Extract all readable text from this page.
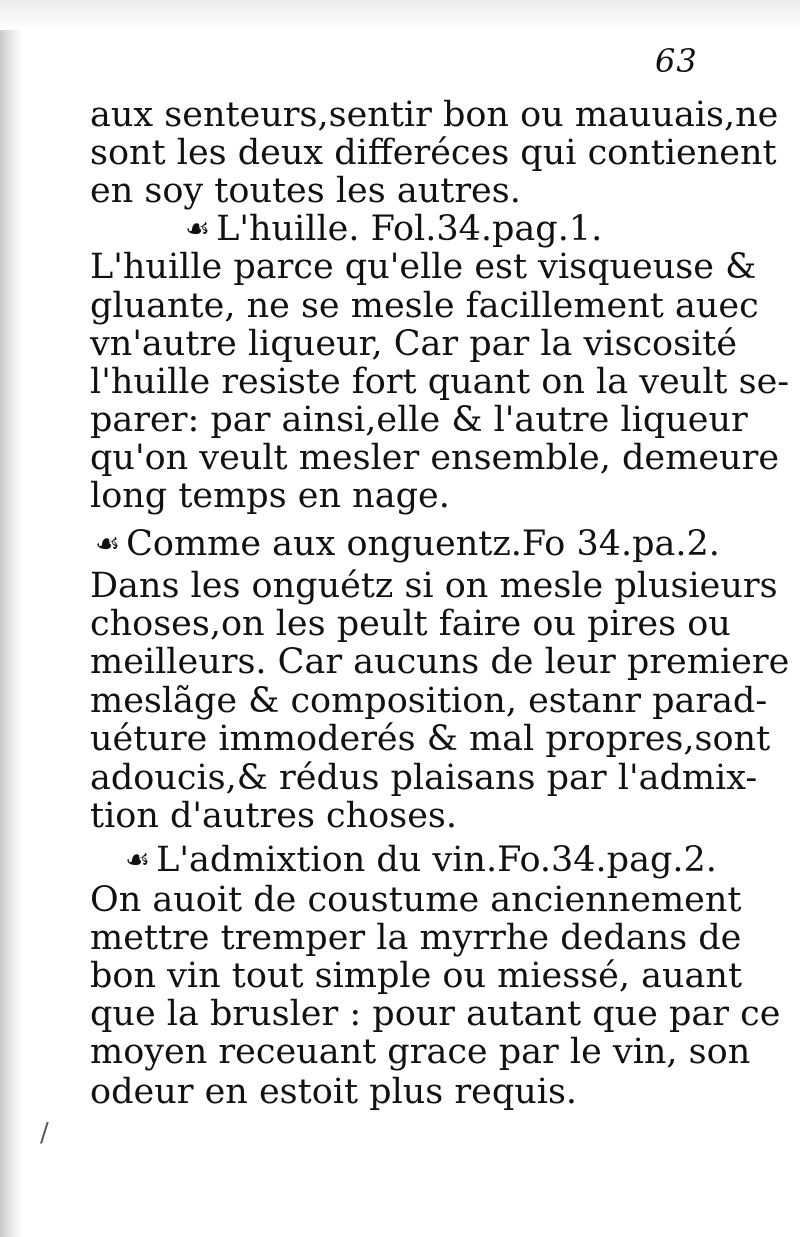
63
aux senteurs,sentir bon ou mauuais,ne
sont les deux differéces qui contienent
en soy toutes les autres.
☙ L'huille. Fol.34.pag.1.
L'huille parce qu'elle est visqueuse &
gluante, ne se mesle facillement auec
vn'autre liqueur, Car par la viscosité
l'huille resiste fort quant on la veult se-
parer: par ainsi,elle & l'autre liqueur
qu'on veult mesler ensemble, demeure
long temps en nage.
☙ Comme aux onguentz.Fo 34.pa.2.
Dans les onguétz si on mesle plusieurs
choses,on les peult faire ou pires ou
meilleurs. Car aucuns de leur premiere
meslãge & composition, estanr parad-
uéture immoderés & mal propres,sont
adoucis,& rédus plaisans par l'admix-
tion d'autres choses.
☙ L'admixtion du vin.Fo.34.pag.2.
On auoit de coustume anciennement
mettre tremper la myrrhe dedans de
bon vin tout simple ou miessé, auant
que la brusler : pour autant que par ce
moyen receuant grace par le vin, son
odeur en estoit plus requis.
/
